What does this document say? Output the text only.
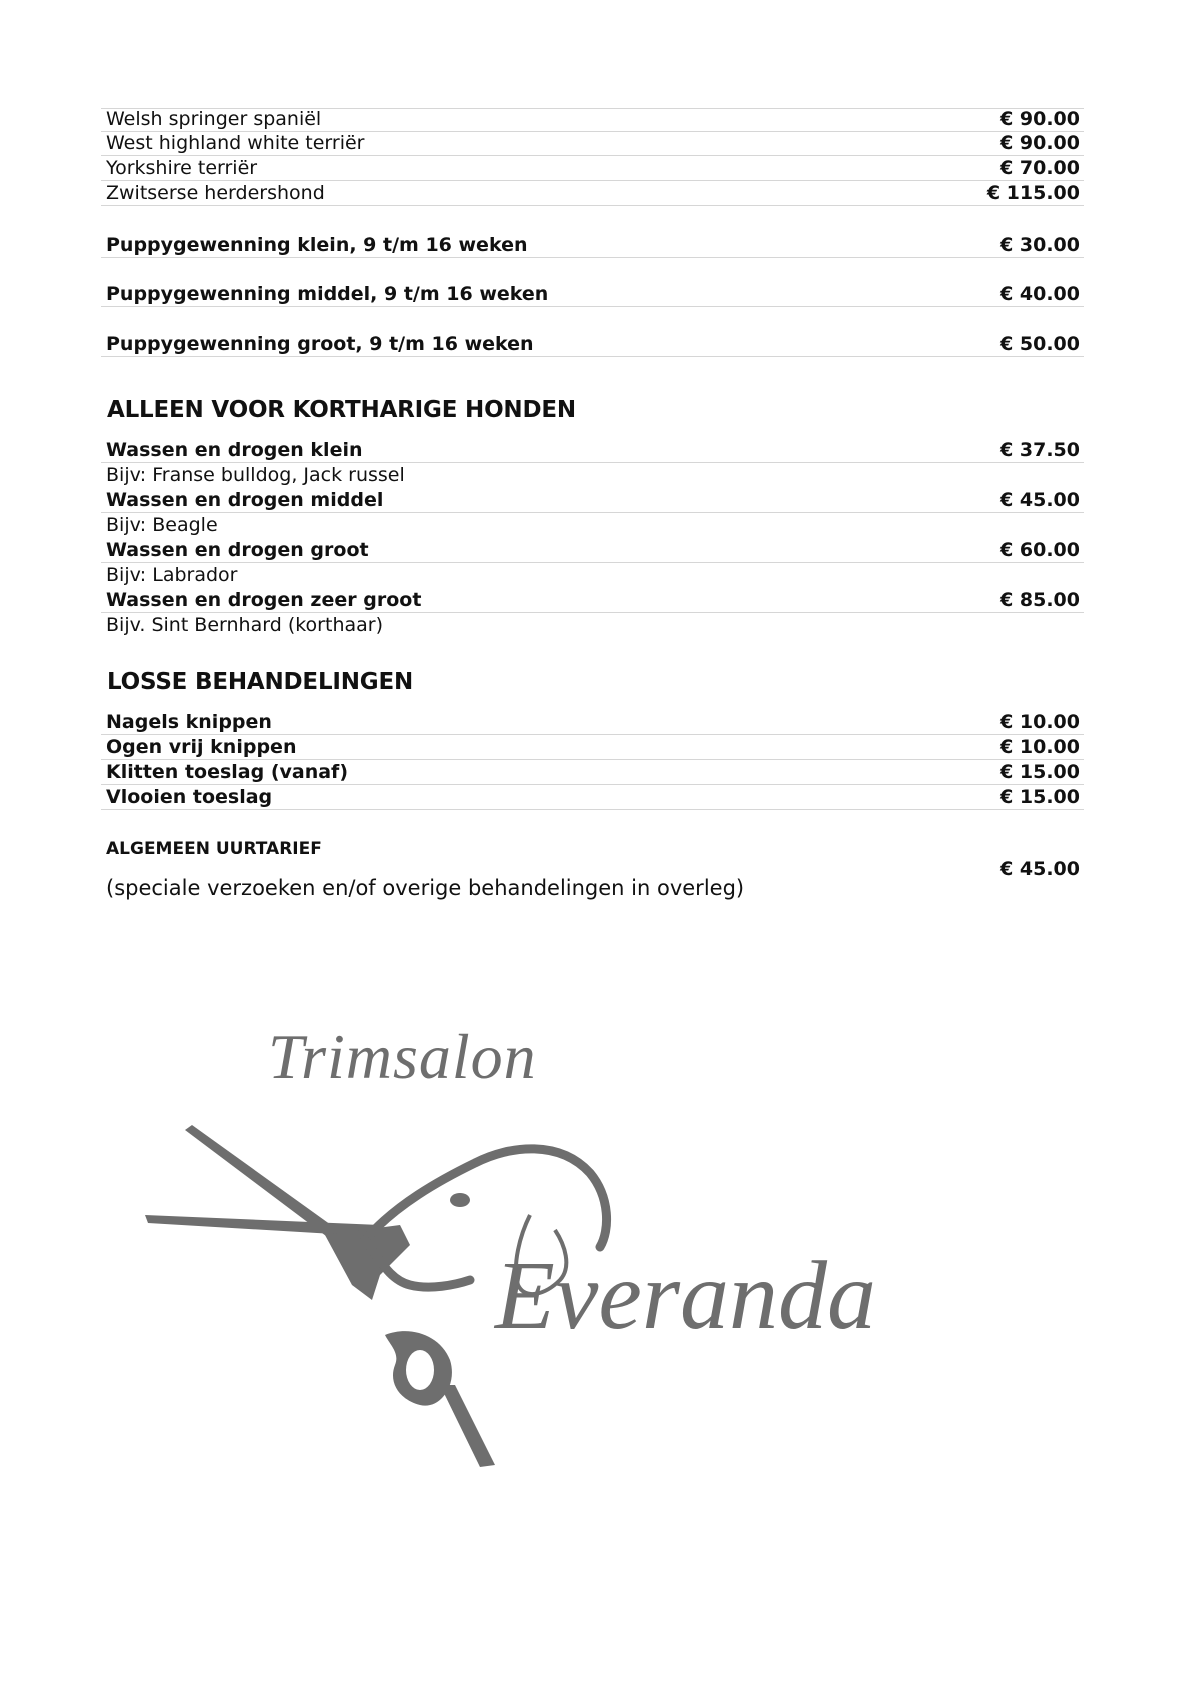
Welsh springer spaniël	€ 90.00
West highland white terriër	€ 90.00
Yorkshire terriër	€ 70.00
Zwitserse herdershond	€ 115.00
Puppygewenning klein, 9 t/m 16 weken	€ 30.00
Puppygewenning middel, 9 t/m 16 weken	€ 40.00
Puppygewenning groot, 9 t/m 16 weken	€ 50.00
ALLEEN VOOR KORTHARIGE HONDEN
Wassen en drogen klein	€ 37.50
Bijv: Franse bulldog, Jack russel
Wassen en drogen middel	€ 45.00
Bijv: Beagle
Wassen en drogen groot	€ 60.00
Bijv: Labrador
Wassen en drogen zeer groot	€ 85.00
Bijv. Sint Bernhard (korthaar)
LOSSE BEHANDELINGEN
Nagels knippen	€ 10.00
Ogen vrij knippen	€ 10.00
Klitten toeslag (vanaf)	€ 15.00
Vlooien toeslag	€ 15.00
ALGEMEEN UURTARIEF
€ 45.00
(speciale verzoeken en/of overige behandelingen in overleg)
Trimsalon
Everanda
